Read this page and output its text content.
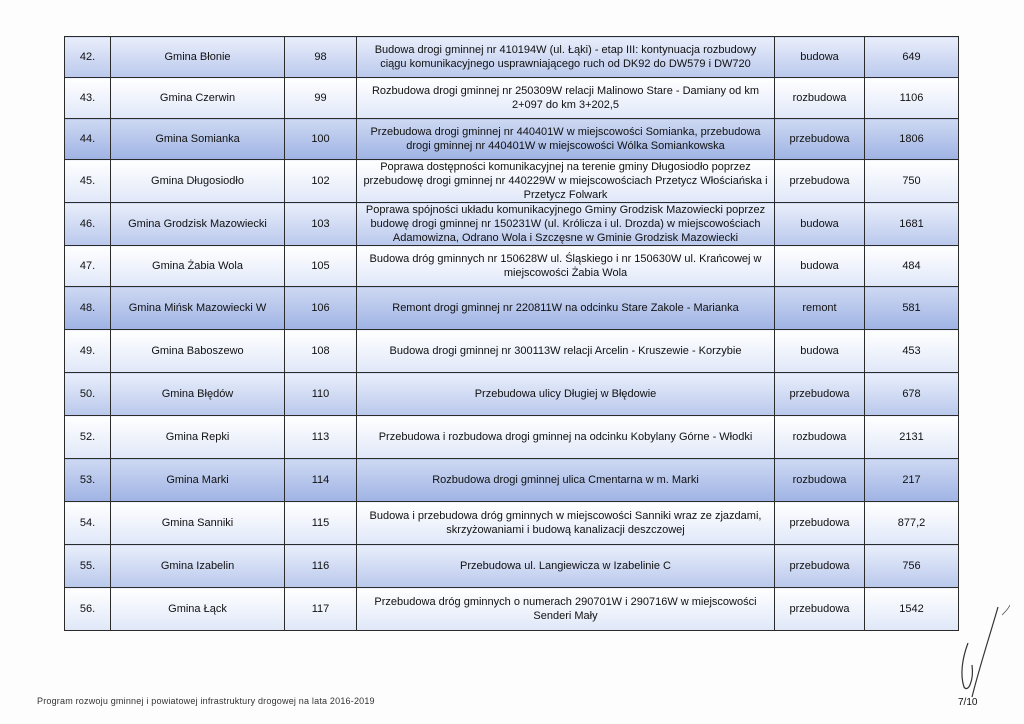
42.	Gmina Błonie	98	Budowa drogi gminnej nr 410194W (ul. Łąki) - etap III: kontynuacja rozbudowy ciągu komunikacyjnego usprawniającego ruch od DK92 do DW579 i DW720	budowa	649
43.	Gmina Czerwin	99	Rozbudowa drogi gminnej nr 250309W relacji Malinowo Stare - Damiany od km 2+097 do km 3+202,5	rozbudowa	1106
44.	Gmina Somianka	100	Przebudowa drogi gminnej nr 440401W w miejscowości Somianka, przebudowa drogi gminnej nr 440401W w miejscowości Wólka Somiankowska	przebudowa	1806
45.	Gmina Długosiodło	102	Poprawa dostępności komunikacyjnej na terenie gminy Długosiodło poprzez przebudowę drogi gminnej nr 440229W w miejscowościach Przetycz Włościańska i Przetycz Folwark	przebudowa	750
46.	Gmina Grodzisk Mazowiecki	103	Poprawa spójności układu komunikacyjnego Gminy Grodzisk Mazowiecki poprzez budowę drogi gminnej nr 150231W (ul. Królicza i ul. Drozda) w miejscowościach Adamowizna, Odrano Wola i Szczęsne w Gminie Grodzisk Mazowiecki	budowa	1681
47.	Gmina Żabia Wola	105	Budowa dróg gminnych nr 150628W ul. Śląskiego i nr 150630W ul. Krańcowej w miejscowości Żabia Wola	budowa	484
48.	Gmina Mińsk Mazowiecki W	106	Remont drogi gminnej nr 220811W na odcinku Stare Zakole - Marianka	remont	581
49.	Gmina Baboszewo	108	Budowa drogi gminnej nr 300113W relacji Arcelin - Kruszewie - Korzybie	budowa	453
50.	Gmina Błędów	110	Przebudowa ulicy Długiej w Błędowie	przebudowa	678
52.	Gmina Repki	113	Przebudowa i rozbudowa drogi gminnej na odcinku Kobylany Górne - Włodki	rozbudowa	2131
53.	Gmina Marki	114	Rozbudowa drogi gminnej ulica Cmentarna w m. Marki	rozbudowa	217
54.	Gmina Sanniki	115	Budowa i przebudowa dróg gminnych w miejscowości Sanniki wraz ze zjazdami, skrzyżowaniami i budową kanalizacji deszczowej	przebudowa	877,2
55.	Gmina Izabelin	116	Przebudowa ul. Langiewicza w Izabelinie C	przebudowa	756
56.	Gmina Łąck	117	Przebudowa dróg gminnych o numerach 290701W i 290716W w miejscowości Senderi Mały	przebudowa	1542
Program rozwoju gminnej i powiatowej infrastruktury drogowej na lata 2016-2019	7/10
